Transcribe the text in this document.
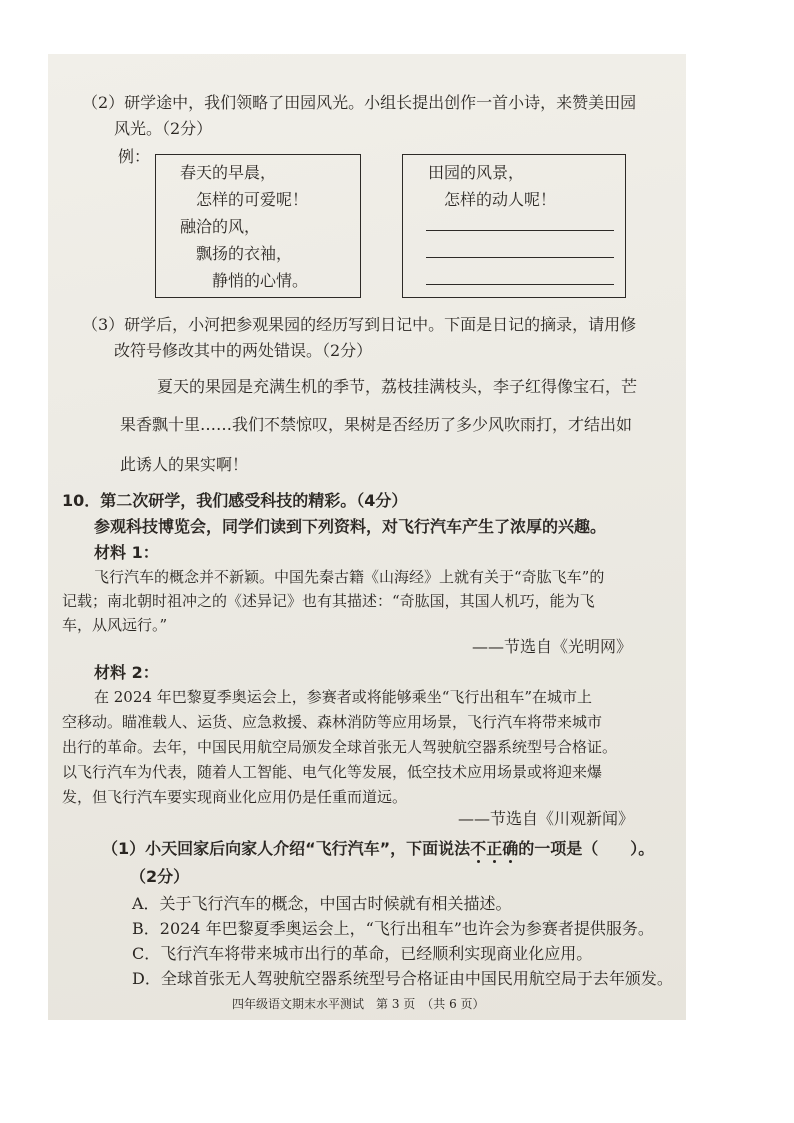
（2）研学途中，我们领略了田园风光。小组长提出创作一首小诗，来赞美田园
风光。（2分）
例：
春天的早晨，
怎样的可爱呢！
融洽的风，
飘扬的衣袖，
静悄的心情。
田园的风景，
怎样的动人呢！
（3）研学后，小河把参观果园的经历写到日记中。下面是日记的摘录，请用修
改符号修改其中的两处错误。（2分）
夏天的果园是充满生机的季节，荔枝挂满枝头，李子红得像宝石，芒
果香飘十里……我们不禁惊叹，果树是否经历了多少风吹雨打，才结出如
此诱人的果实啊！
10．第二次研学，我们感受科技的精彩。（4分）
参观科技博览会，同学们读到下列资料，对飞行汽车产生了浓厚的兴趣。
材料 1：
飞行汽车的概念并不新颖。中国先秦古籍《山海经》上就有关于“奇肱飞车”的
记载；南北朝时祖冲之的《述异记》也有其描述：“奇肱国，其国人机巧，能为飞
车，从风远行。”
——节选自《光明网》
材料 2：
在 2024 年巴黎夏季奥运会上，参赛者或将能够乘坐“飞行出租车”在城市上
空移动。瞄准载人、运货、应急救援、森林消防等应用场景，飞行汽车将带来城市
出行的革命。去年，中国民用航空局颁发全球首张无人驾驶航空器系统型号合格证。
以飞行汽车为代表，随着人工智能、电气化等发展，低空技术应用场景或将迎来爆
发，但飞行汽车要实现商业化应用仍是任重而道远。
——节选自《川观新闻》
（1）小天回家后向家人介绍“飞行汽车”，下面说法不正确的一项是（　　）。
（2分）
A．关于飞行汽车的概念，中国古时候就有相关描述。
B．2024 年巴黎夏季奥运会上，“飞行出租车”也许会为参赛者提供服务。
C．飞行汽车将带来城市出行的革命，已经顺利实现商业化应用。
D．全球首张无人驾驶航空器系统型号合格证由中国民用航空局于去年颁发。
四年级语文期末水平测试　第 3 页　（共 6 页）
